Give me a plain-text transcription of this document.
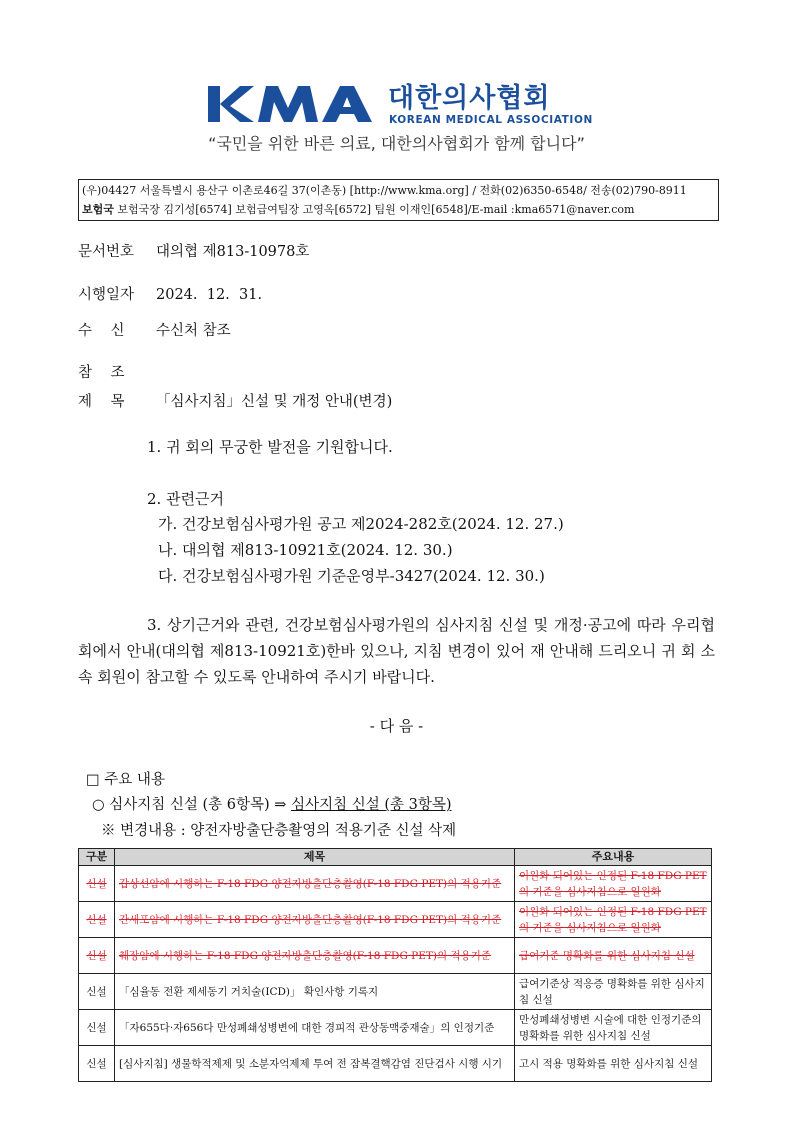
대한의사협회
KOREAN MEDICAL ASSOCIATION
“국민을 위한 바른 의료, 대한의사협회가 함께 합니다”
(우)04427 서울특별시 용산구 이촌로46길 37(이촌동) [http://www.kma.org] / 전화(02)6350-6548/ 전송(02)790-8911
보험국 보험국장 김기성[6574] 보험급여팀장 고영옥[6572] 팀원 이재인[6548]/E-mail :kma6571@naver.com
문서번호 대의협 제813-10978호
시행일자 2024.  12.  31.
수    신 수신처 참조
참    조
제    목 「심사지침」신설 및 개정 안내(변경)
1. 귀 회의 무궁한 발전을 기원합니다.
2. 관련근거
가. 건강보험심사평가원 공고 제2024-282호(2024. 12. 27.)
나. 대의협 제813-10921호(2024. 12. 30.)
다. 건강보험심사평가원 기준운영부-3427(2024. 12. 30.)
3. 상기근거와 관련, 건강보험심사평가원의 심사지침 신설 및 개정·공고에 따라 우리협회에서 안내(대의협 제813-10921호)한바 있으나, 지침 변경이 있어 재 안내해 드리오니 귀 회 소속 회원이 참고할 수 있도록 안내하여 주시기 바랍니다.
- 다 음 -
□ 주요 내용
○ 심사지침 신설 (총 6항목) ⇒ 심사지침 신설 (총 3항목)
※ 변경내용 : 양전자방출단층촬영의 적용기준 신설 삭제
구분	제목	주요내용
신설	갑상선암에 시행하는 F-18 FDG 양전자방출단층촬영(F-18 FDG PET)의 적용기준	이원화 되어있는 인정된 F-18 FDG PET의 기준을 심사지침으로 일원화
신설	간세포암에 시행하는 F-18 FDG 양전자방출단층촬영(F-18 FDG PET)의 적용기준	이원화 되어있는 인정된 F-18 FDG PET의 기준을 심사지침으로 일원화
신설	췌장암에 시행하는 F-18 FDG 양전자방출단층촬영(F-18 FDG PET)의 적용기준	급여기준 명확화를 위한 심사지침 신설
신설	「심율동 전환 제세동기 거치술(ICD)」 확인사항 기록지	급여기준상 적응증 명확화를 위한 심사지침 신설
신설	「자655다·자656다 만성폐쇄성병변에 대한 경피적 관상동맥중재술」의 인정기준	만성폐쇄성병변 시술에 대한 인정기준의 명확화를 위한 심사지침 신설
신설	[심사지침] 생물학적제제 및 소분자억제제 투여 전 잠복결핵감염 진단검사 시행 시기	고시 적용 명확화를 위한 심사지침 신설
